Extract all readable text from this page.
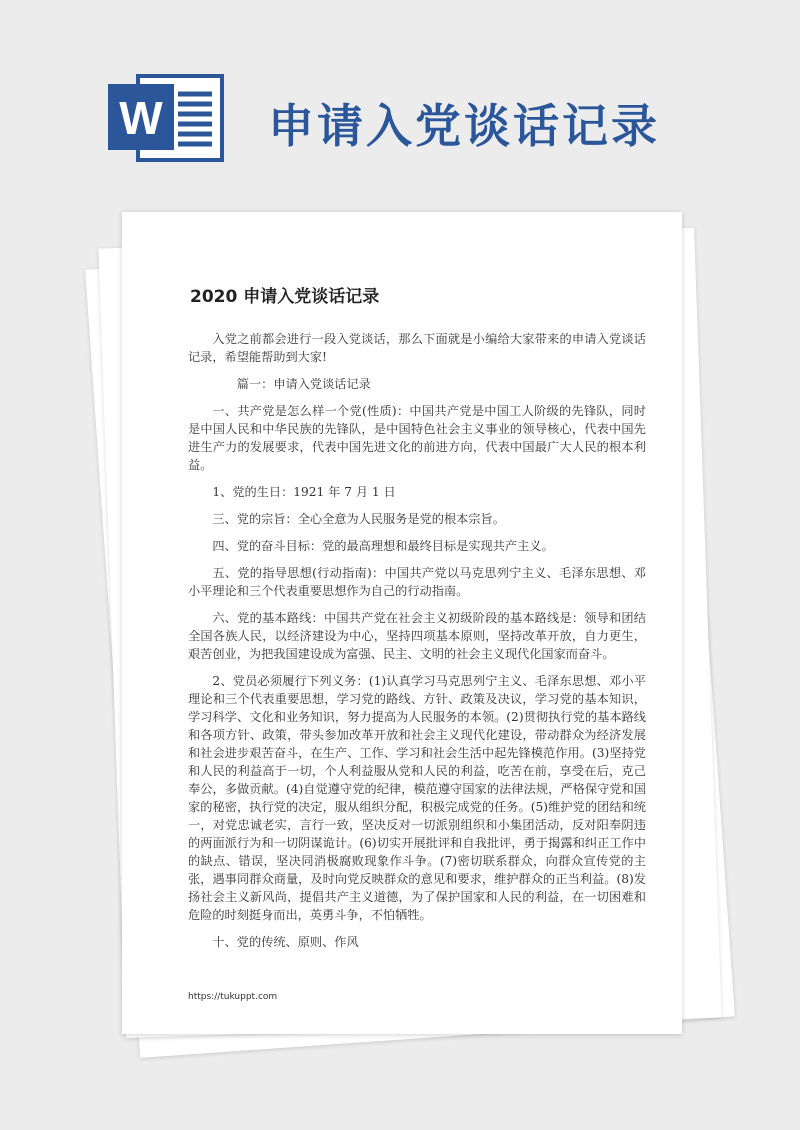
W 申请入党谈话记录
2020 申请入党谈话记录

入党之前都会进行一段入党谈话，那么下面就是小编给大家带来的申请入党谈话记录，希望能帮助到大家!

篇一：申请入党谈话记录

一、共产党是怎么样一个党(性质)：中国共产党是中国工人阶级的先锋队，同时是中国人民和中华民族的先锋队，是中国特色社会主义事业的领导核心，代表中国先进生产力的发展要求，代表中国先进文化的前进方向，代表中国最广大人民的根本利益。

1、党的生日：1921 年 7 月 1 日

三、党的宗旨：全心全意为人民服务是党的根本宗旨。

四、党的奋斗目标：党的最高理想和最终目标是实现共产主义。

五、党的指导思想(行动指南)：中国共产党以马克思列宁主义、毛泽东思想、邓小平理论和三个代表重要思想作为自己的行动指南。

六、党的基本路线：中国共产党在社会主义初级阶段的基本路线是：领导和团结全国各族人民，以经济建设为中心，坚持四项基本原则，坚持改革开放，自力更生，艰苦创业，为把我国建设成为富强、民主、文明的社会主义现代化国家而奋斗。

2、党员必须履行下列义务：(1)认真学习马克思列宁主义、毛泽东思想、邓小平理论和三个代表重要思想，学习党的路线、方针、政策及决议，学习党的基本知识，学习科学、文化和业务知识，努力提高为人民服务的本领。(2)贯彻执行党的基本路线和各项方针、政策，带头参加改革开放和社会主义现代化建设，带动群众为经济发展和社会进步艰苦奋斗，在生产、工作、学习和社会生活中起先锋模范作用。(3)坚持党和人民的利益高于一切，个人利益服从党和人民的利益，吃苦在前，享受在后，克己奉公，多做贡献。(4)自觉遵守党的纪律，模范遵守国家的法律法规，严格保守党和国家的秘密，执行党的决定，服从组织分配，积极完成党的任务。(5)维护党的团结和统一，对党忠诚老实，言行一致，坚决反对一切派别组织和小集团活动，反对阳奉阴违的两面派行为和一切阴谋诡计。(6)切实开展批评和自我批评，勇于揭露和纠正工作中的缺点、错误，坚决同消极腐败现象作斗争。(7)密切联系群众，向群众宣传党的主张，遇事同群众商量，及时向党反映群众的意见和要求，维护群众的正当利益。(8)发扬社会主义新风尚，提倡共产主义道德，为了保护国家和人民的利益，在一切困难和危险的时刻挺身而出，英勇斗争，不怕牺牲。

十、党的传统、原则、作风

https://tukuppt.com
